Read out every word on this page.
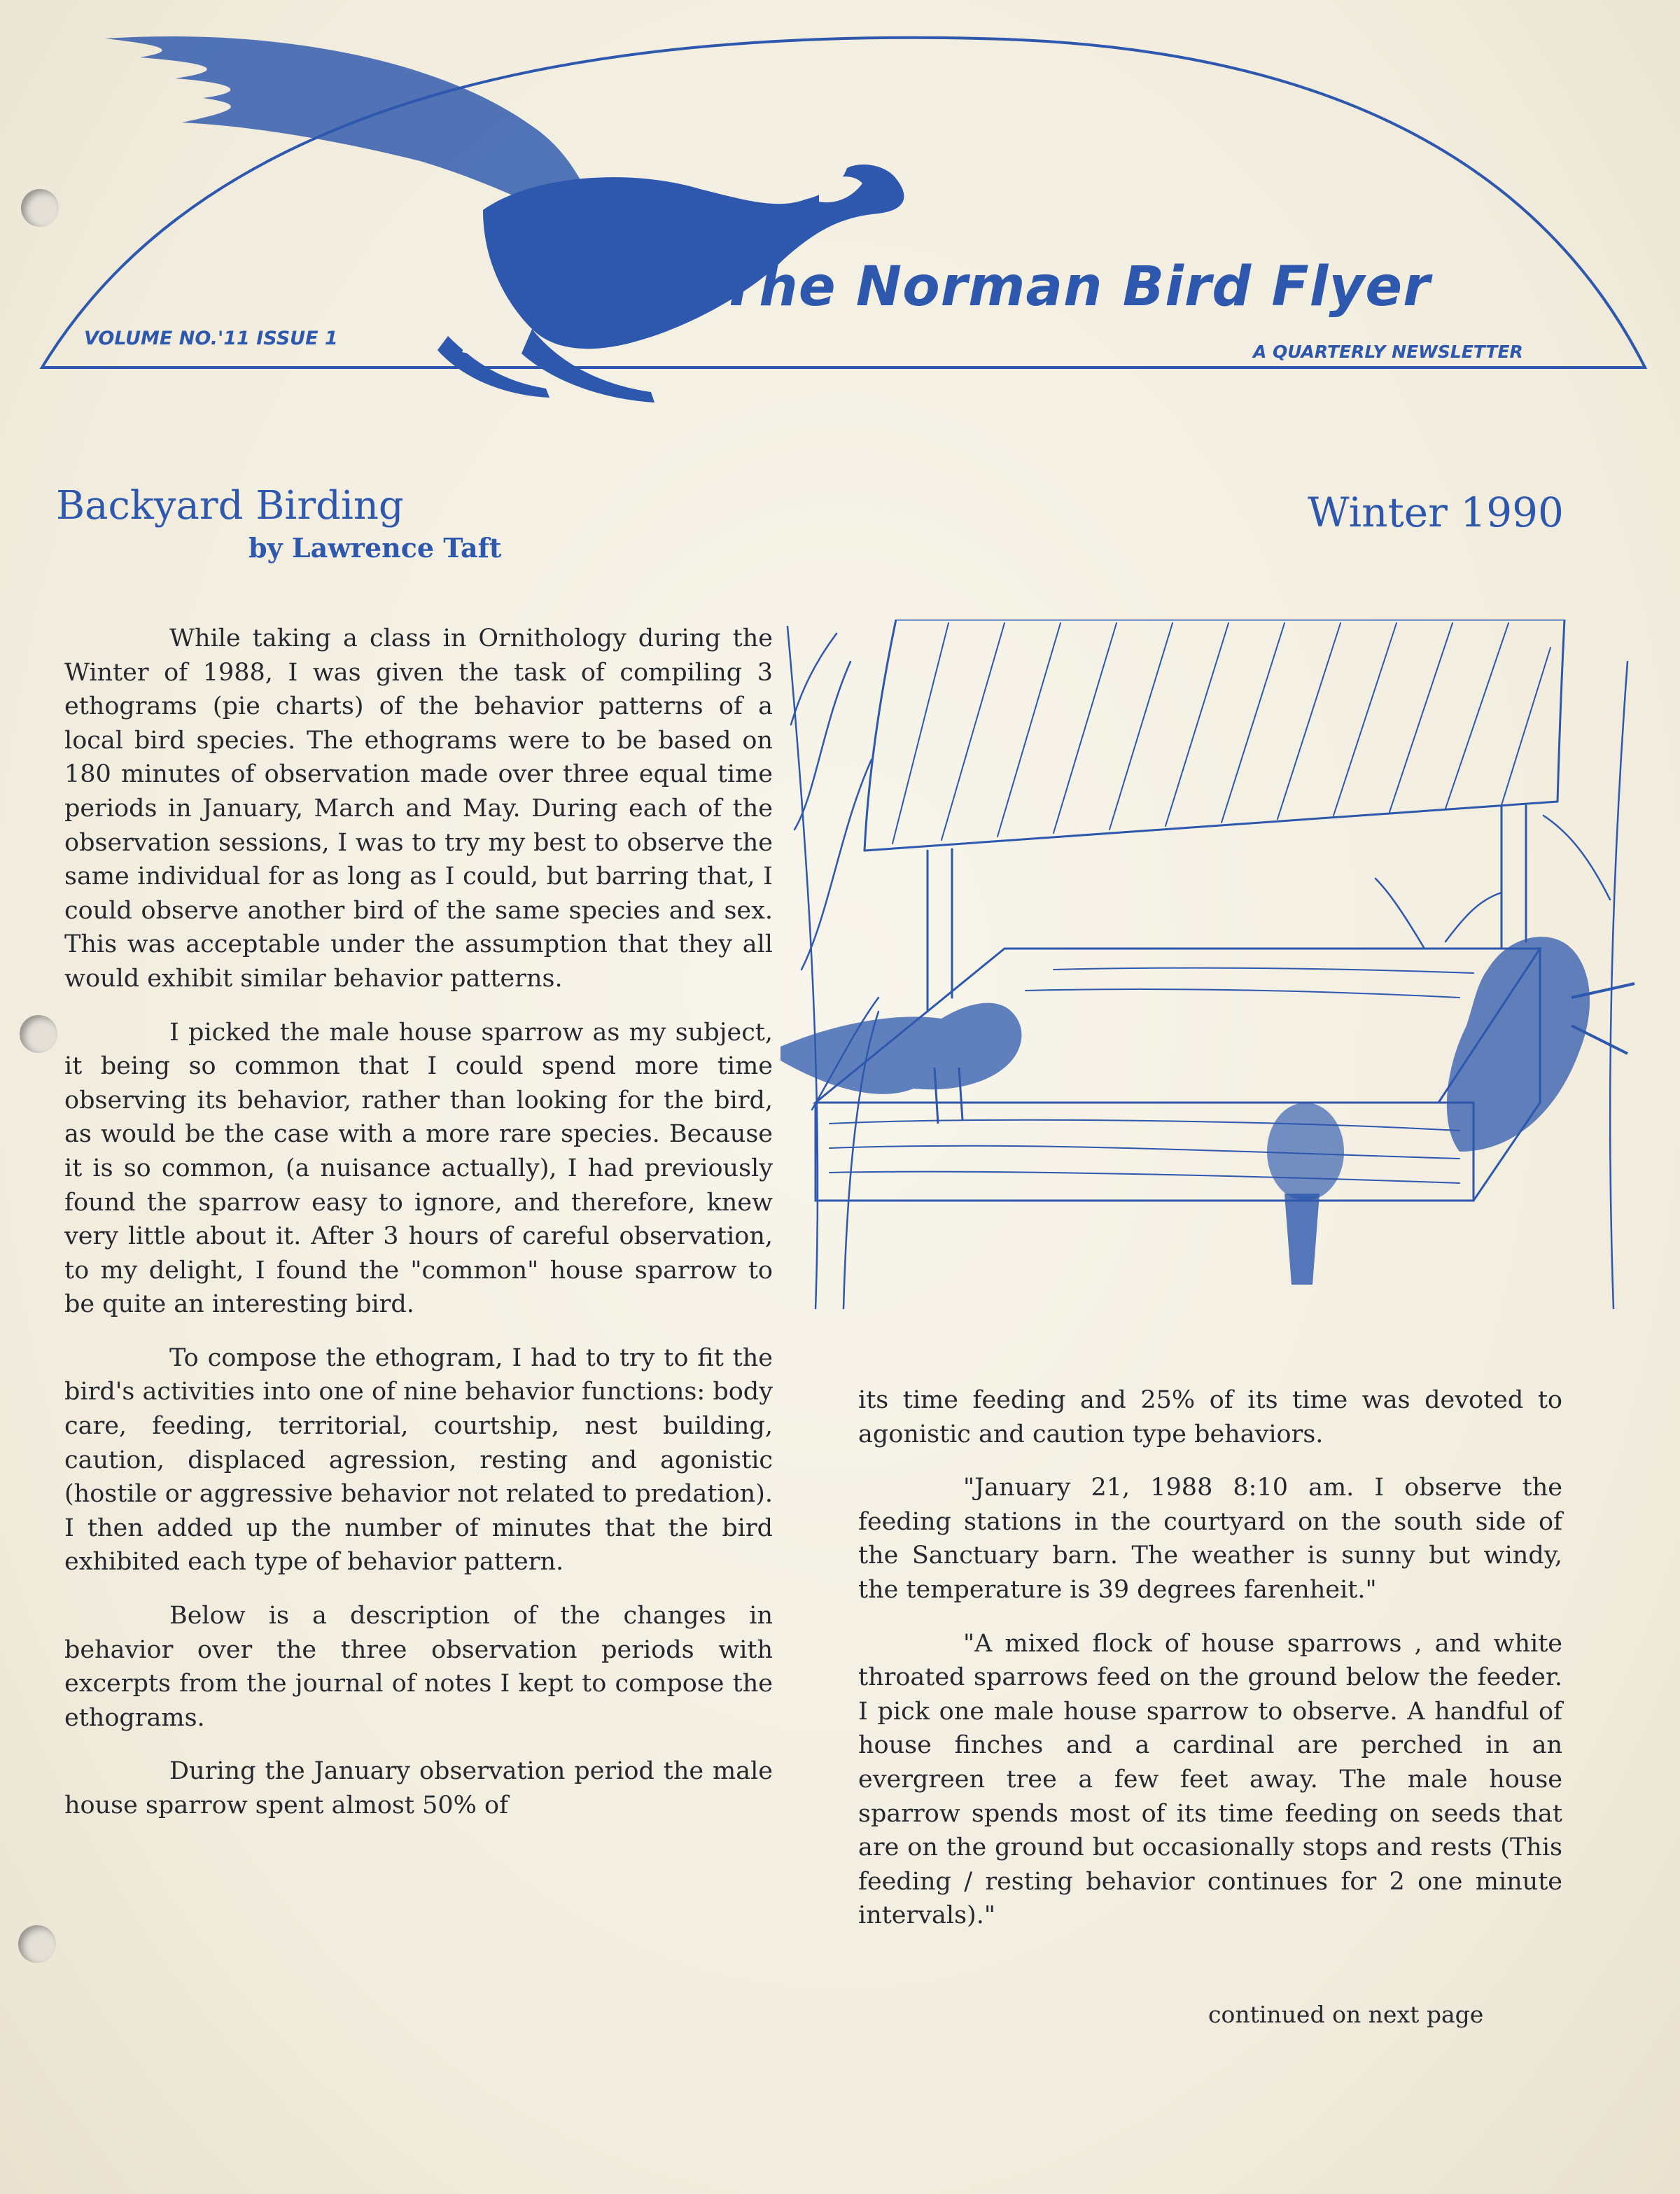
The Norman Bird Flyer
VOLUME NO.'11 ISSUE 1
A QUARTERLY NEWSLETTER
Backyard Birding
by Lawrence Taft
Winter 1990

While taking a class in Ornithology during the Winter of 1988, I was given the task of compiling 3 ethograms (pie charts) of the behavior patterns of a local bird species. The ethograms were to be based on 180 minutes of observation made over three equal time periods in January, March and May. During each of the observation sessions, I was to try my best to observe the same individual for as long as I could, but barring that, I could observe another bird of the same species and sex. This was acceptable under the assumption that they all would exhibit similar behavior patterns.

I picked the male house sparrow as my subject, it being so common that I could spend more time observing its behavior, rather than looking for the bird, as would be the case with a more rare species. Because it is so common, (a nuisance actually), I had previously found the sparrow easy to ignore, and therefore, knew very little about it. After 3 hours of careful observation, to my delight, I found the "common" house sparrow to be quite an interesting bird.

To compose the ethogram, I had to try to fit the bird's activities into one of nine behavior functions: body care, feeding, territorial, courtship, nest building, caution, displaced agression, resting and agonistic (hostile or aggressive behavior not related to predation). I then added up the number of minutes that the bird exhibited each type of behavior pattern.

Below is a description of the changes in behavior over the three observation periods with excerpts from the journal of notes I kept to compose the ethograms.

During the January observation period the male house sparrow spent almost 50% of

its time feeding and 25% of its time was devoted to agonistic and caution type behaviors.

"January 21, 1988 8:10 am. I observe the feeding stations in the courtyard on the south side of the Sanctuary barn. The weather is sunny but windy, the temperature is 39 degrees farenheit."

"A mixed flock of house sparrows , and white throated sparrows feed on the ground below the feeder. I pick one male house sparrow to observe. A handful of house finches and a cardinal are perched in an evergreen tree a few feet away. The male house sparrow spends most of its time feeding on seeds that are on the ground but occasionally stops and rests (This feeding / resting behavior continues for 2 one minute intervals)."

continued on next page
